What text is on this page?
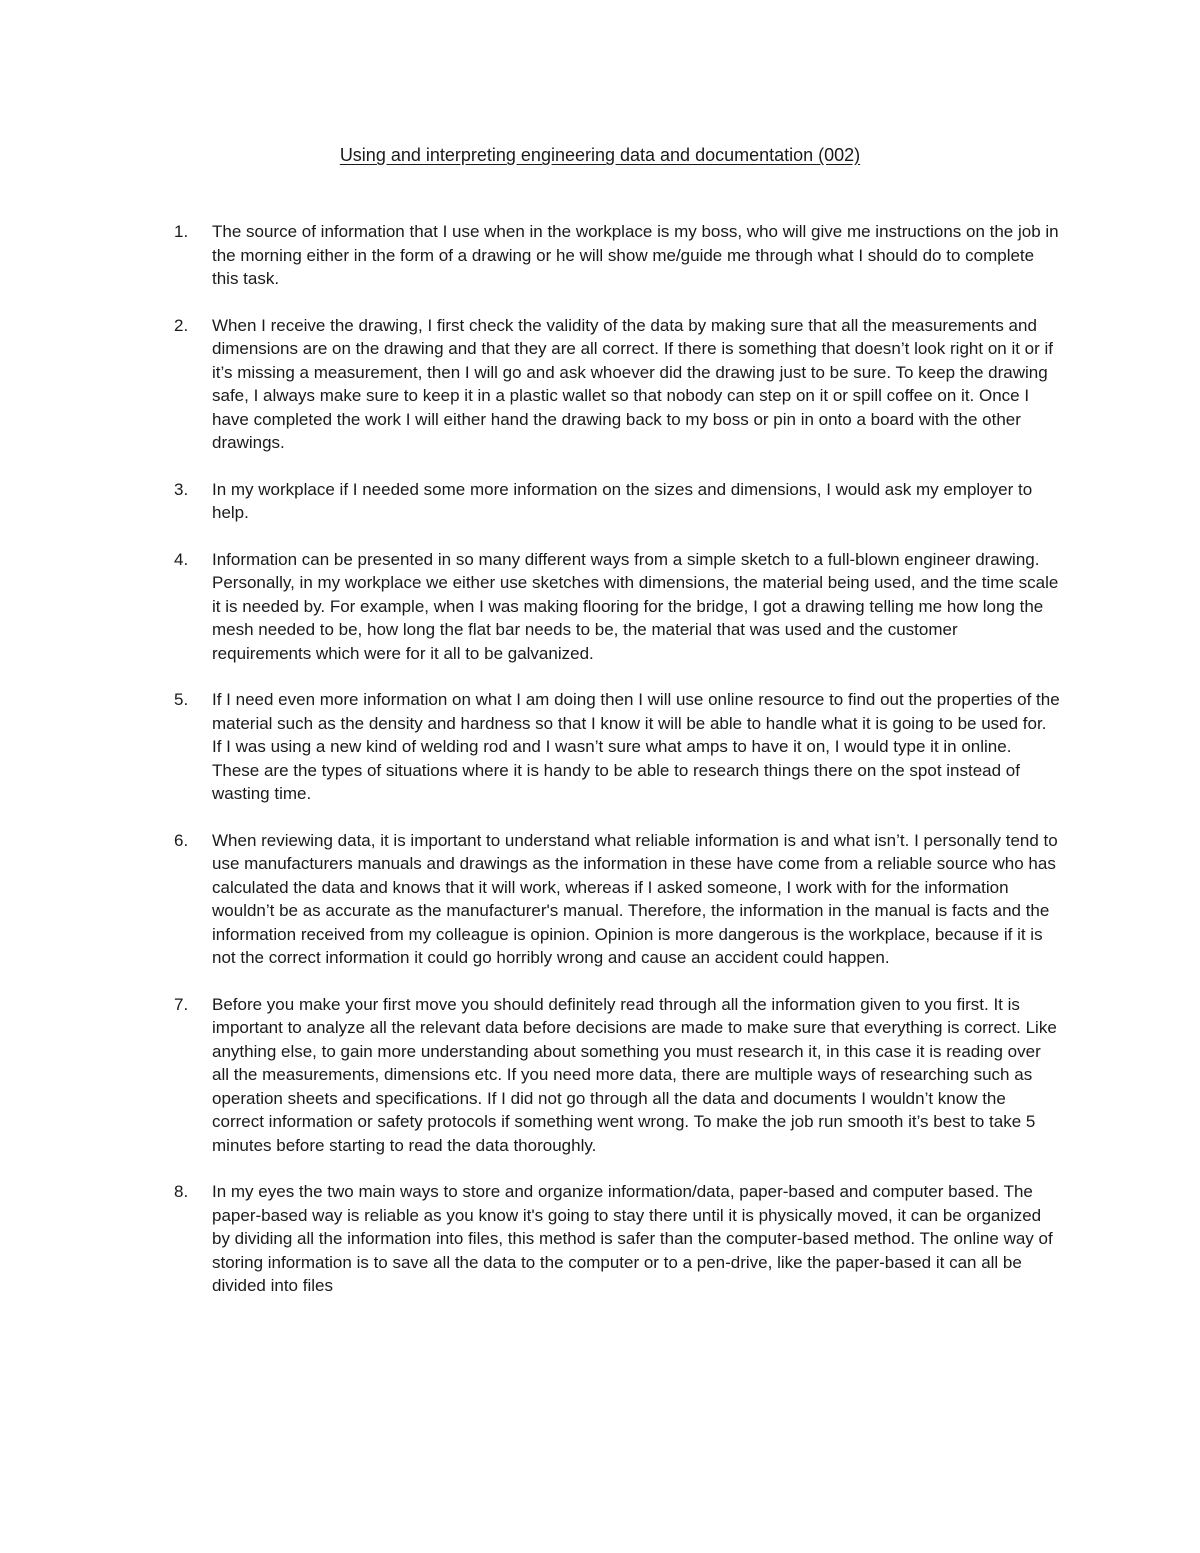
Using and interpreting engineering data and documentation (002)
1. The source of information that I use when in the workplace is my boss, who will give me instructions on the job in the morning either in the form of a drawing or he will show me/guide me through what I should do to complete this task.

2. When I receive the drawing, I first check the validity of the data by making sure that all the measurements and dimensions are on the drawing and that they are all correct. If there is something that doesn’t look right on it or if it’s missing a measurement, then I will go and ask whoever did the drawing just to be sure. To keep the drawing safe, I always make sure to keep it in a plastic wallet so that nobody can step on it or spill coffee on it. Once I have completed the work I will either hand the drawing back to my boss or pin in onto a board with the other drawings.

3. In my workplace if I needed some more information on the sizes and dimensions, I would ask my employer to help.

4. Information can be presented in so many different ways from a simple sketch to a full-blown engineer drawing. Personally, in my workplace we either use sketches with dimensions, the material being used, and the time scale it is needed by. For example, when I was making flooring for the bridge, I got a drawing telling me how long the mesh needed to be, how long the flat bar needs to be, the material that was used and the customer requirements which were for it all to be galvanized.

5. If I need even more information on what I am doing then I will use online resource to find out the properties of the material such as the density and hardness so that I know it will be able to handle what it is going to be used for. If I was using a new kind of welding rod and I wasn’t sure what amps to have it on, I would type it in online. These are the types of situations where it is handy to be able to research things there on the spot instead of wasting time.

6. When reviewing data, it is important to understand what reliable information is and what isn’t. I personally tend to use manufacturers manuals and drawings as the information in these have come from a reliable source who has calculated the data and knows that it will work, whereas if I asked someone, I work with for the information wouldn’t be as accurate as the manufacturer's manual. Therefore, the information in the manual is facts and the information received from my colleague is opinion. Opinion is more dangerous is the workplace, because if it is not the correct information it could go horribly wrong and cause an accident could happen.

7. Before you make your first move you should definitely read through all the information given to you first. It is important to analyze all the relevant data before decisions are made to make sure that everything is correct. Like anything else, to gain more understanding about something you must research it, in this case it is reading over all the measurements, dimensions etc. If you need more data, there are multiple ways of researching such as operation sheets and specifications. If I did not go through all the data and documents I wouldn’t know the correct information or safety protocols if something went wrong. To make the job run smooth it’s best to take 5 minutes before starting to read the data thoroughly.

8. In my eyes the two main ways to store and organize information/data, paper-based and computer based. The paper-based way is reliable as you know it's going to stay there until it is physically moved, it can be organized by dividing all the information into files, this method is safer than the computer-based method. The online way of storing information is to save all the data to the computer or to a pen-drive, like the paper-based it can all be divided into files
